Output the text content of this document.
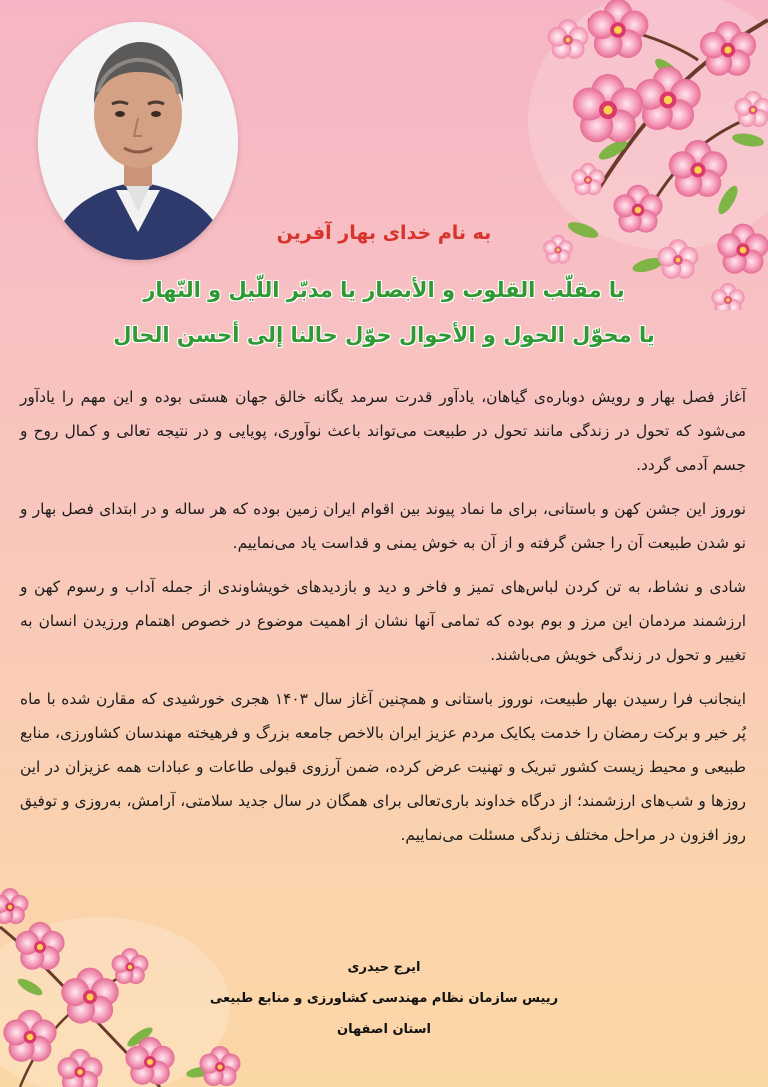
به نام خدای بهار آفرین
یا مقلّب القلوب و الأبصار یا مدبّر اللّیل و النّهار
یا محوّل الحول و الأحوال حوّل حالنا إلی أحسن الحال

آغاز فصل بهار و رویش دوباره‌ی گیاهان، یادآور قدرت سرمد یگانه خالق جهان هستی بوده و این مهم را یادآور می‌شود که تحول در زندگی مانند تحول در طبیعت می‌تواند باعث نوآوری، پویایی و در نتیجه تعالی و کمال روح و جسم آدمی گردد.

نوروز این جشن کهن و باستانی، برای ما نماد پیوند بین اقوام ایران زمین بوده که هر ساله و در ابتدای فصل بهار و نو شدن طبیعت آن را جشن گرفته و از آن به خوش یمنی و قداست یاد می‌نماییم.

شادی و نشاط، به تن کردن لباس‌های تمیز و فاخر و دید و بازدیدهای خویشاوندی از جمله آداب و رسوم کهن و ارزشمند مردمان این مرز و بوم بوده که تمامی آنها نشان از اهمیت موضوع در خصوص اهتمام ورزیدن انسان به تغییر و تحول در زندگی خویش می‌باشند.

اینجانب فرا رسیدن بهار طبیعت، نوروز باستانی و همچنین آغاز سال ۱۴۰۳ هجری خورشیدی که مقارن شده با ماه پُر خیر و برکت رمضان را خدمت یکایک مردم عزیز ایران بالاخص جامعه بزرگ و فرهیخته مهندسان کشاورزی، منابع طبیعی و محیط زیست کشور تبریک و تهنیت عرض کرده، ضمن آرزوی قبولی طاعات و عبادات همه عزیزان در این روزها و شب‌های ارزشمند؛ از درگاه خداوند باری‌تعالی برای همگان در سال جدید سلامتی، آرامش، به‌روزی و توفیق روز افزون در مراحل مختلف زندگی مسئلت می‌نماییم.

ایرج حیدری
رییس سازمان نظام مهندسی کشاورزی و منابع طبیعی
استان اصفهان
